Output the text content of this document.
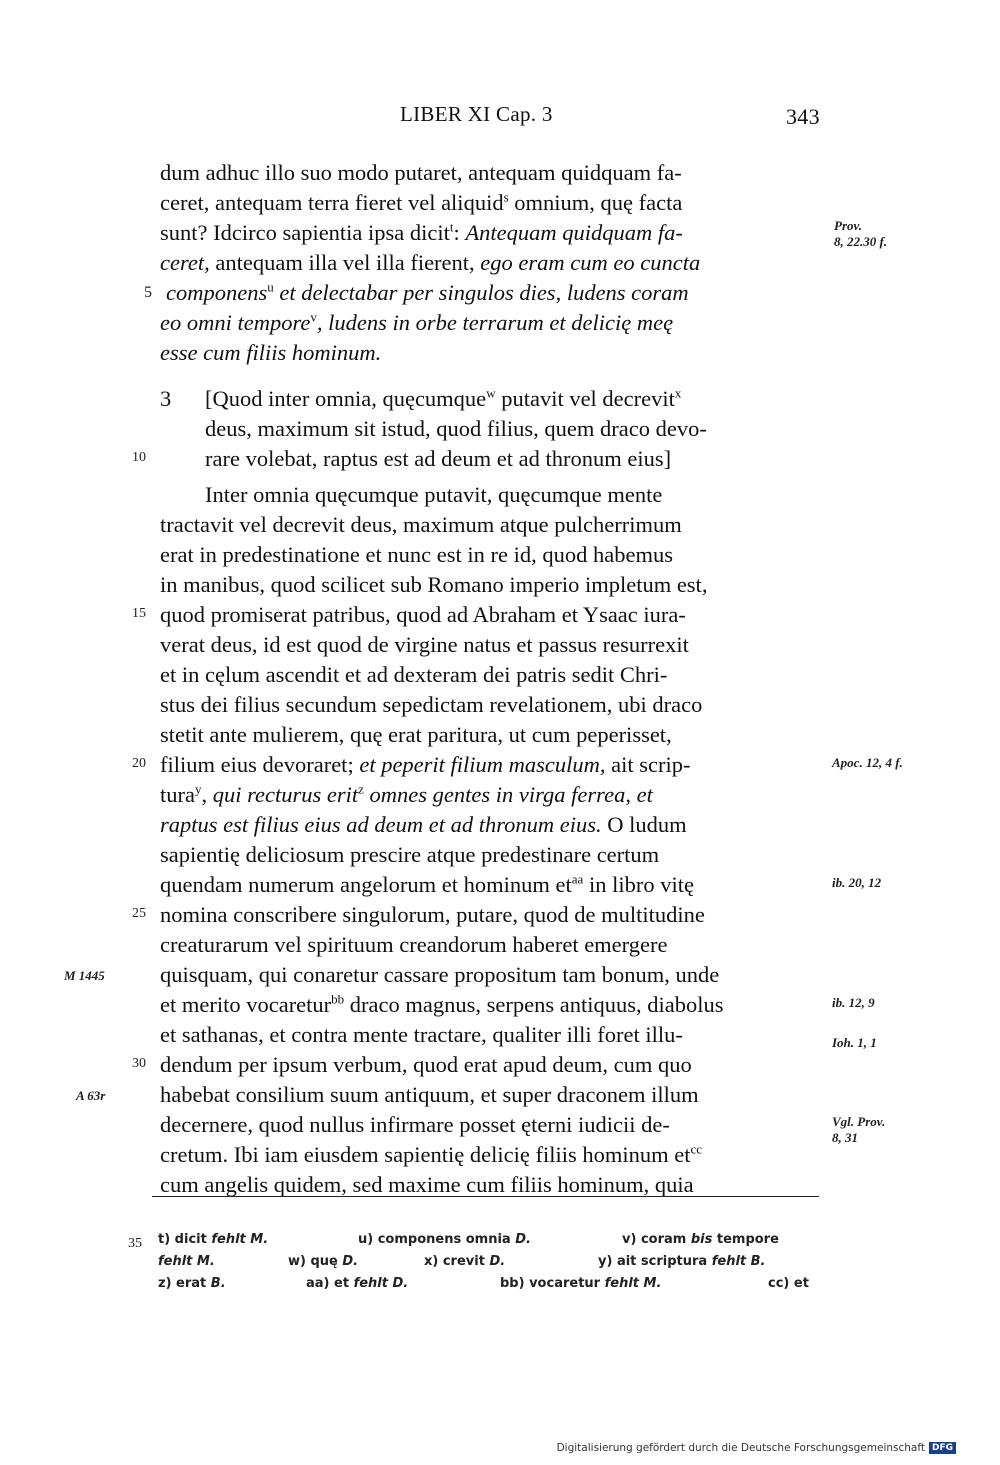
LIBER XI Cap. 3	343
dum adhuc illo suo modo putaret, antequam quidquam fa-
ceret, antequam terra fieret vel aliquid$^s$ omnium, quę facta
sunt? Idcirco sapientia ipsa dicit$^t$: Antequam quidquam fa-
ceret, antequam illa vel illa fierent, ego eram cum eo cuncta
componens$^u$ et delectabar per singulos dies, ludens coram
eo omni tempore$^v$, ludens in orbe terrarum et delicię meę
esse cum filiis hominum.
3 [Quod inter omnia, quęcumque$^w$ putavit vel decrevit$^x$
deus, maximum sit istud, quod filius, quem draco devo-
rare volebat, raptus est ad deum et ad thronum eius]
Inter omnia quęcumque putavit, quęcumque mente
tractavit vel decrevit deus, maximum atque pulcherrimum
erat in predestinatione et nunc est in re id, quod habemus
in manibus, quod scilicet sub Romano imperio impletum est,
quod promiserat patribus, quod ad Abraham et Ysaac iura-
verat deus, id est quod de virgine natus et passus resurrexit
et in cęlum ascendit et ad dexteram dei patris sedit Chri-
stus dei filius secundum sepedictam revelationem, ubi draco
stetit ante mulierem, quę erat paritura, ut cum peperisset,
filium eius devoraret; et peperit filium masculum, ait scrip-
tura$^y$, qui recturus erit$^z$ omnes gentes in virga ferrea, et
raptus est filius eius ad deum et ad thronum eius. O ludum
sapientię deliciosum prescire atque predestinare certum
quendam numerum angelorum et hominum $et^{aa}$ in libro vitę
nomina conscribere singulorum, putare, quod de multitudine
creaturarum vel spirituum creandorum haberet emergere
quisquam, qui conaretur cassare propositum tam bonum, unde
et merito vocaretur$^{bb}$ draco magnus, serpens antiquus, diabolus
et sathanas, et contra mente tractare, qualiter illi foret illu-
dendum per ipsum verbum, quod erat apud deum, cum quo
habebat consilium suum antiquum, et super draconem illum
decernere, quod nullus infirmare posset ęterni iudicii de-
cretum. Ibi iam eiusdem sapientię delicię filiis hominum $et^{cc}$
cum angelis quidem, sed maxime cum filiis hominum, quia
5
10
15
20
25
30
35
M 1445
A 63r
Prov.
8, 22.30 f.
Apoc. 12, 4 f.
ib. 20, 12
ib. 12, 9
Ioh. 1, 1
Vgl. Prov.
8, 31
t) dicit fehlt M.	u) componens omnia D.	v) coram bis tempore
fehlt M.	w) quę D.	x) crevit D.	y) ait scriptura fehlt B.
z) erat B.	aa) et fehlt D.	bb) vocaretur fehlt M.	cc) et
Digitalisierung gefördert durch die Deutsche Forschungsgemeinschaft DFG
